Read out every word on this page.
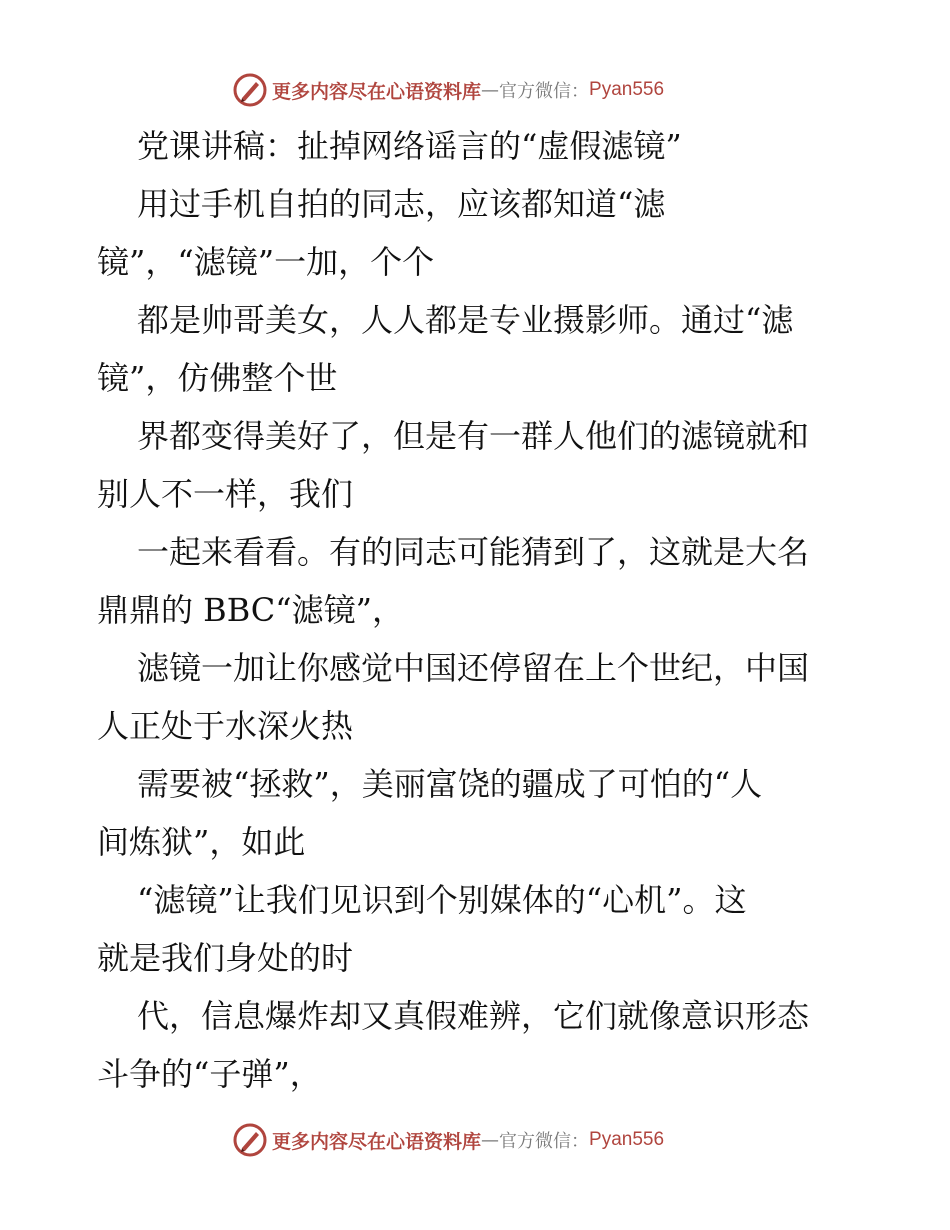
更多内容尽在心语资料库 — 官方微信： Pyan556
党课讲稿：扯掉网络谣言的“虚假滤镜”
用过手机自拍的同志，应该都知道“滤
镜”，“滤镜”一加，个个
都是帅哥美女，人人都是专业摄影师。通过“滤
镜”，仿佛整个世
界都变得美好了，但是有一群人他们的滤镜就和
别人不一样，我们
一起来看看。有的同志可能猜到了，这就是大名
鼎鼎的 BBC“滤镜”，
滤镜一加让你感觉中国还停留在上个世纪，中国
人正处于水深火热
需要被“拯救”，美丽富饶的疆成了可怕的“人
间炼狱”，如此
“滤镜”让我们见识到个别媒体的“心机”。这
就是我们身处的时
代，信息爆炸却又真假难辨，它们就像意识形态
斗争的“子弹”，
更多内容尽在心语资料库 — 官方微信： Pyan556
